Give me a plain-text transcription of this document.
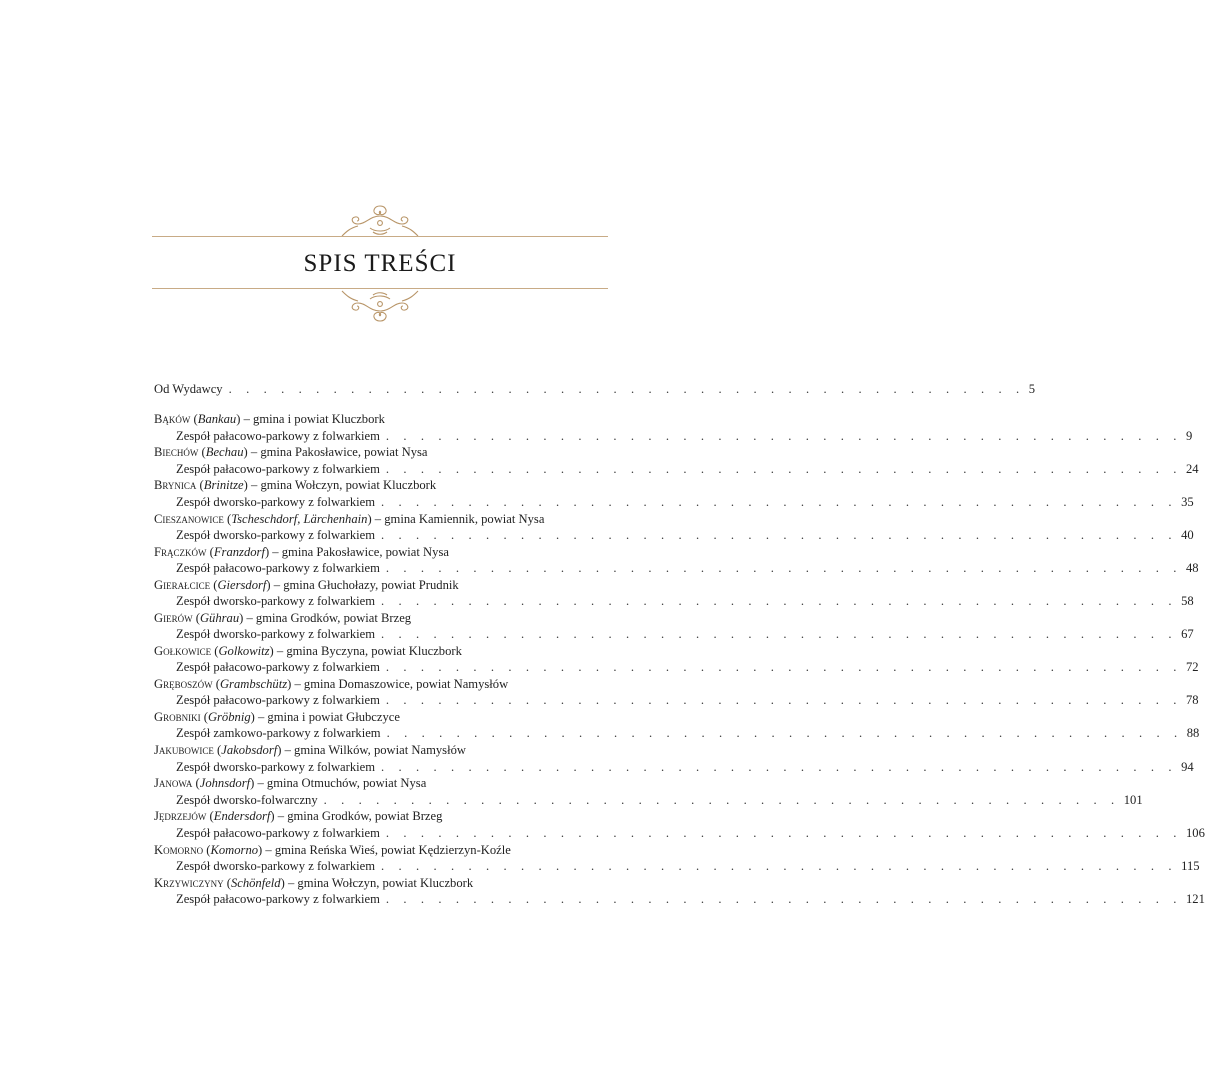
SPIS TREŚCI
Od Wydawcy . . . . . . . . . . . . . . . . . . . . . . . . . . . . . . . . . . . . . . . . . . . . . . 5
Bąków (Bankau) – gmina i powiat Kluczbork
Zespół pałacowo-parkowy z folwarkiem . . . . . . . . . . . . . . . . . . . . . . . . . . . . . . . . . . . . . . . . . . . . . . 9
Biechów (Bechau) – gmina Pakosławice, powiat Nysa
Zespół pałacowo-parkowy z folwarkiem . . . . . . . . . . . . . . . . . . . . . . . . . . . . . . . . . . . . . . . . . . . . . . 24
Brynica (Brinitze) – gmina Wołczyn, powiat Kluczbork
Zespół dworsko-parkowy z folwarkiem . . . . . . . . . . . . . . . . . . . . . . . . . . . . . . . . . . . . . . . . . . . . . . 35
Cieszanowice (Tscheschdorf, Lärchenhain) – gmina Kamiennik, powiat Nysa
Zespół dworsko-parkowy z folwarkiem . . . . . . . . . . . . . . . . . . . . . . . . . . . . . . . . . . . . . . . . . . . . . . 40
Frączków (Franzdorf) – gmina Pakosławice, powiat Nysa
Zespół pałacowo-parkowy z folwarkiem . . . . . . . . . . . . . . . . . . . . . . . . . . . . . . . . . . . . . . . . . . . . . . 48
Gierałcice (Giersdorf) – gmina Głuchołazy, powiat Prudnik
Zespół dworsko-parkowy z folwarkiem . . . . . . . . . . . . . . . . . . . . . . . . . . . . . . . . . . . . . . . . . . . . . . 58
Gierów (Gührau) – gmina Grodków, powiat Brzeg
Zespół dworsko-parkowy z folwarkiem . . . . . . . . . . . . . . . . . . . . . . . . . . . . . . . . . . . . . . . . . . . . . . 67
Gołkowice (Golkowitz) – gmina Byczyna, powiat Kluczbork
Zespół pałacowo-parkowy z folwarkiem . . . . . . . . . . . . . . . . . . . . . . . . . . . . . . . . . . . . . . . . . . . . . . 72
Gręboszów (Grambschütz) – gmina Domaszowice, powiat Namysłów
Zespół pałacowo-parkowy z folwarkiem . . . . . . . . . . . . . . . . . . . . . . . . . . . . . . . . . . . . . . . . . . . . . . 78
Grobniki (Gröbnig) – gmina i powiat Głubczyce
Zespół zamkowo-parkowy z folwarkiem . . . . . . . . . . . . . . . . . . . . . . . . . . . . . . . . . . . . . . . . . . . . . . 88
Jakubowice (Jakobsdorf) – gmina Wilków, powiat Namysłów
Zespół dworsko-parkowy z folwarkiem . . . . . . . . . . . . . . . . . . . . . . . . . . . . . . . . . . . . . . . . . . . . . . 94
Janowa (Johnsdorf) – gmina Otmuchów, powiat Nysa
Zespół dworsko-folwarczny . . . . . . . . . . . . . . . . . . . . . . . . . . . . . . . . . . . . . . . . . . . . . . 101
Jędrzejów (Endersdorf) – gmina Grodków, powiat Brzeg
Zespół pałacowo-parkowy z folwarkiem . . . . . . . . . . . . . . . . . . . . . . . . . . . . . . . . . . . . . . . . . . . . . . 106
Komorno (Komorno) – gmina Reńska Wieś, powiat Kędzierzyn-Koźle
Zespół dworsko-parkowy z folwarkiem . . . . . . . . . . . . . . . . . . . . . . . . . . . . . . . . . . . . . . . . . . . . . . 115
Krzywiczyny (Schönfeld) – gmina Wołczyn, powiat Kluczbork
Zespół pałacowo-parkowy z folwarkiem . . . . . . . . . . . . . . . . . . . . . . . . . . . . . . . . . . . . . . . . . . . . . . 121
